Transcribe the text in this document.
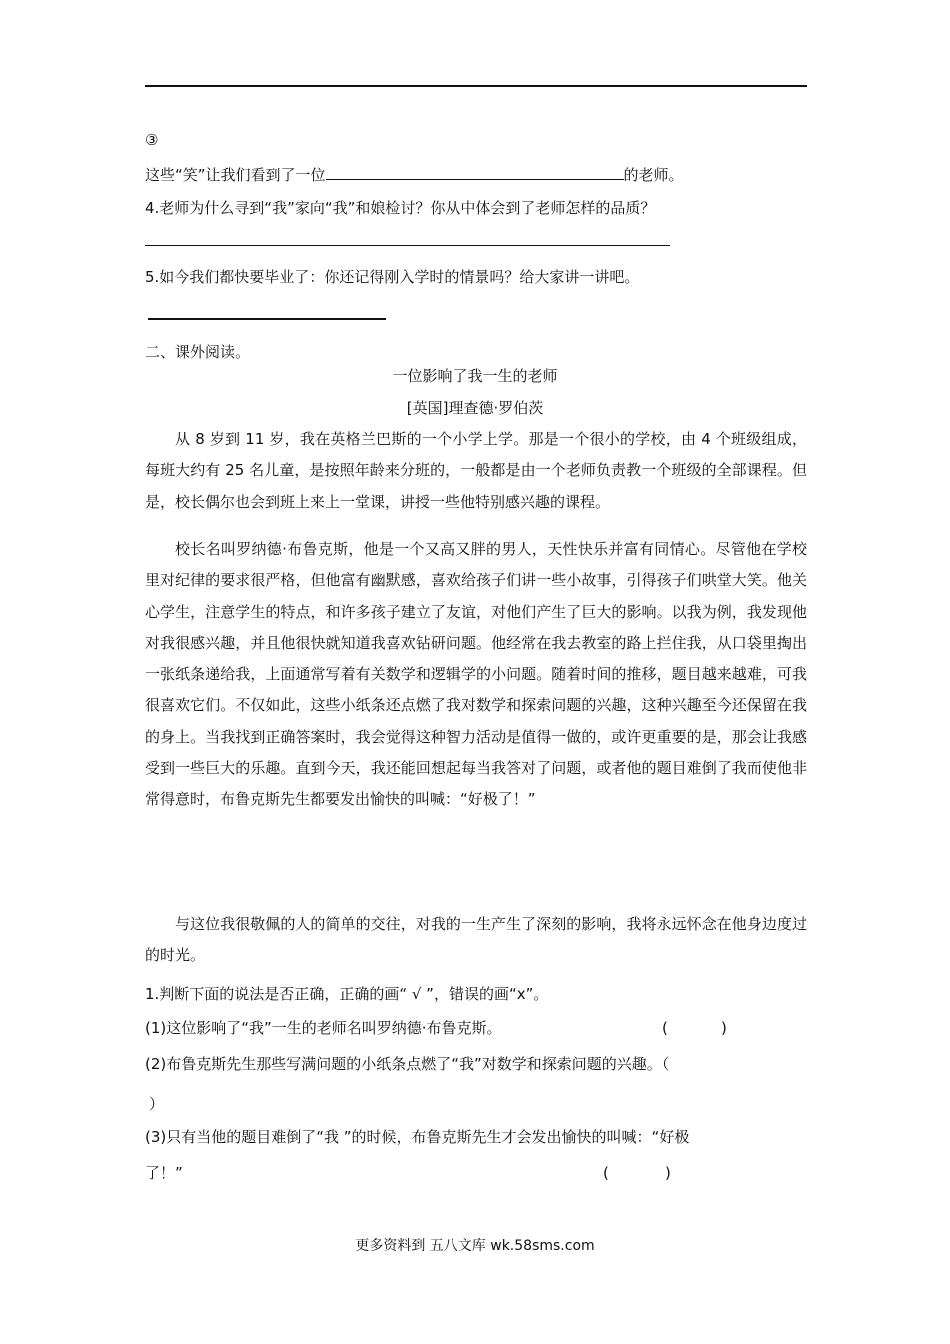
③
这些“笑”让我们看到了一位	的老师。
4.老师为什么寻到“我”家向“我”和娘检讨？你从中体会到了老师怎样的品质？
5.如今我们都快要毕业了：你还记得刚入学时的情景吗？给大家讲一讲吧。
二、课外阅读。
一位影响了我一生的老师
[英国]理查德·罗伯茨
从 8 岁到 11 岁，我在英格兰巴斯的一个小学上学。那是一个很小的学校，由 4 个班级组成，每班大约有 25 名儿童，是按照年龄来分班的，一般都是由一个老师负责教一个班级的全部课程。但是，校长偶尔也会到班上来上一堂课，讲授一些他特别感兴趣的课程。
校长名叫罗纳德·布鲁克斯，他是一个又高又胖的男人，天性快乐并富有同情心。尽管他在学校里对纪律的要求很严格，但他富有幽默感，喜欢给孩子们讲一些小故事，引得孩子们哄堂大笑。他关心学生，注意学生的特点，和许多孩子建立了友谊，对他们产生了巨大的影响。以我为例，我发现他对我很感兴趣，并且他很快就知道我喜欢钻研问题。他经常在我去教室的路上拦住我，从口袋里掏出一张纸条递给我，上面通常写着有关数学和逻辑学的小问题。随着时间的推移，题目越来越难，可我很喜欢它们。不仅如此，这些小纸条还点燃了我对数学和探索问题的兴趣，这种兴趣至今还保留在我的身上。当我找到正确答案时，我会觉得这种智力活动是值得一做的，或许更重要的是，那会让我感受到一些巨大的乐趣。直到今天，我还能回想起每当我答对了问题，或者他的题目难倒了我而使他非常得意时，布鲁克斯先生都要发出愉快的叫喊：“好极了！”
与这位我很敬佩的人的简单的交往，对我的一生产生了深刻的影响，我将永远怀念在他身边度过的时光。
1.判断下面的说法是否正确，正确的画“ √ ”，错误的画“x”。
(1)这位影响了“我”一生的老师名叫罗纳德·布鲁克斯。	(	)
(2)布鲁克斯先生那些写满问题的小纸条点燃了“我”对数学和探索问题的兴趣。（
）
(3)只有当他的题目难倒了“我 ”的时候，布鲁克斯先生才会发出愉快的叫喊：“好极
了！”	(	)
更多资料到 五八文库 wk.58sms.com
